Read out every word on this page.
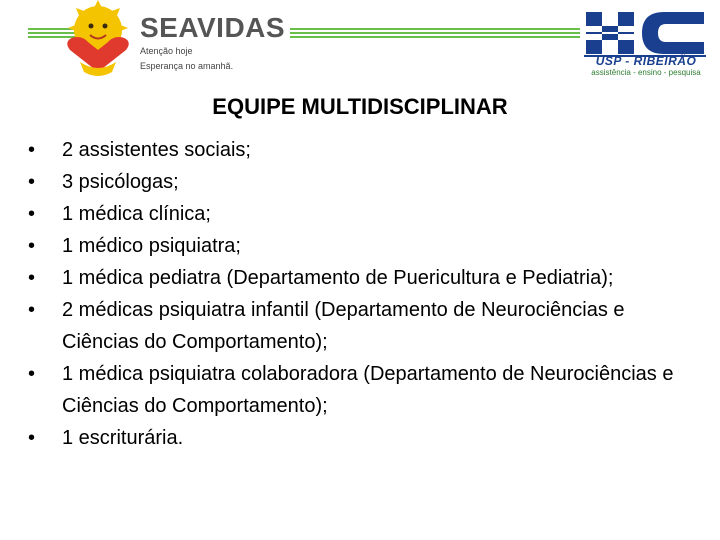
SEAVIDAS
Atenção hoje
Esperança no amanhã.	USP - RIBEIRÃO
assistência - ensino - pesquisa
EQUIPE MULTIDISCIPLINAR
•	2 assistentes sociais;
•	3 psicólogas;
•	1 médica clínica;
•	1 médico psiquiatra;
•	1 médica pediatra (Departamento de Puericultura e Pediatria);
•	2 médicas psiquiatra infantil (Departamento de Neurociências e Ciências do Comportamento);
•	1 médica psiquiatra colaboradora (Departamento de Neurociências e Ciências do Comportamento);
•	1 escriturária.
